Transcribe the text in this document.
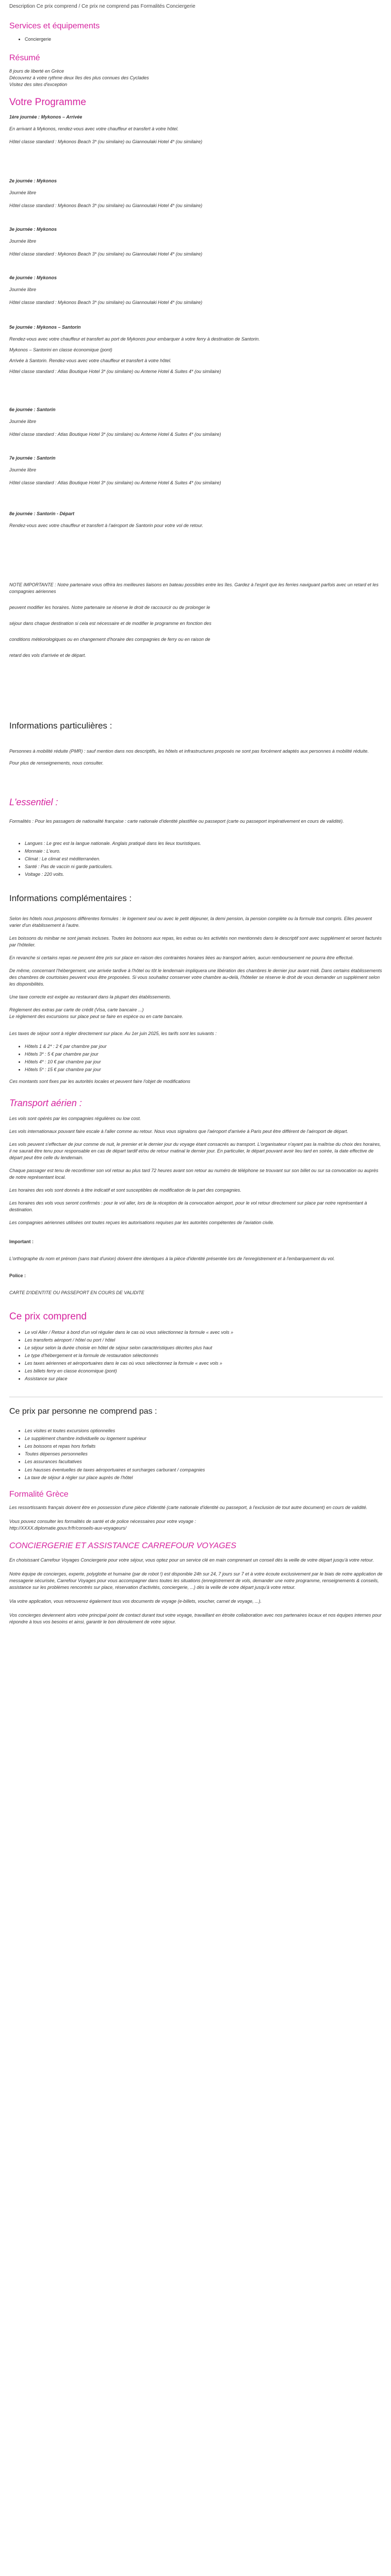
Description Ce prix comprend / Ce prix ne comprend pas Formalités Conciergerie
Services et équipements
• Conciergerie
Résumé

8 jours de liberté en Grèce

Découvrez à votre rythme deux îles des plus connues des Cyclades

Visitez des sites d'exception

Votre Programme

1ère journée : Mykonos – Arrivée

En arrivant à Mykonos, rendez-vous avec votre chauffeur et transfert à votre hôtel.

Hôtel classe standard : Mykonos Beach 3* (ou similaire) ou Giannoulaki Hotel 4* (ou similaire)

2e journée : Mykonos

Journée libre

Hôtel classe standard : Mykonos Beach 3* (ou similaire) ou Giannoulaki Hotel 4* (ou similaire)

3e journée : Mykonos

Journée libre

Hôtel classe standard : Mykonos Beach 3* (ou similaire) ou Giannoulaki Hotel 4* (ou similaire)

4e journée : Mykonos

Journée libre

Hôtel classe standard : Mykonos Beach 3* (ou similaire) ou Giannoulaki Hotel 4* (ou similaire)

5e journée : Mykonos – Santorin

Rendez-vous avec votre chauffeur et transfert au port de Mykonos pour embarquer à votre ferry à destination de Santorin.

Mykonos – Santorini en classe économique (pont)

Arrivée à Santorin. Rendez-vous avec votre chauffeur et transfert à votre hôtel.

Hôtel classe standard : Atlas Boutique Hotel 3* (ou similaire) ou Anteme Hotel & Suites 4* (ou similaire)

6e journée : Santorin

Journée libre

Hôtel classe standard : Atlas Boutique Hotel 3* (ou similaire) ou Anteme Hotel & Suites 4* (ou similaire)

7e journée : Santorin

Journée libre

Hôtel classe standard : Atlas Boutique Hotel 3* (ou similaire) ou Anteme Hotel & Suites 4* (ou similaire)

8e journée : Santorin - Départ

Rendez-vous avec votre chauffeur et transfert à l'aéroport de Santorin pour votre vol de retour.

NOTE IMPORTANTE : Notre partenaire vous offrira les meilleures liaisons en bateau possibles entre les îles. Gardez à l'esprit que les ferries naviguant parfois avec un retard et les compagnies aériennes

peuvent modifier les horaires. Notre partenaire se réserve le droit de raccourcir ou de prolonger le

séjour dans chaque destination si cela est nécessaire et de modifier le programme en fonction des

conditions météorologiques ou en changement d'horaire des compagnies de ferry ou en raison de

retard des vols d'arrivée et de départ.

Informations particulières :

Personnes à mobilité réduite (PMR) : sauf mention dans nos descriptifs, les hôtels et infrastructures proposés ne sont pas forcément adaptés aux personnes à mobilité réduite.

Pour plus de renseignements, nous consulter.

L'essentiel :

Formalités : Pour les passagers de nationalité française : carte nationale d'identité plastifiée ou passeport (carte ou passeport impérativement en cours de validité).

• Langues : Le grec est la langue nationale. Anglais pratiqué dans les lieux touristiques.
• Monnaie : L'euro.
• Climat : Le climat est méditerranéen.
• Santé : Pas de vaccin ni garde particuliers.
• Voltage : 220 volts.
Informations complémentaires :

Selon les hôtels nous proposons différentes formules : le logement seul ou avec le petit déjeuner, la demi pension, la pension complète ou la formule tout compris. Elles peuvent varier d'un établissement à l'autre.

Les boissons du minibar ne sont jamais incluses. Toutes les boissons aux repas, les extras ou les activités non mentionnés dans le descriptif sont avec supplément et seront facturés par l'hôtelier.

En revanche si certains repas ne peuvent être pris sur place en raison des contraintes horaires liées au transport aérien, aucun remboursement ne pourra être effectué.

De même, concernant l'hébergement, une arrivée tardive à l'hôtel ou tôt le lendemain impliquera une libération des chambres le dernier jour avant midi. Dans certains établissements des chambres de courtoisies peuvent vous être proposées. Si vous souhaitez conserver votre chambre au-delà, l'hôtelier se réserve le droit de vous demander un supplément selon les disponibilités.

Une taxe correcte est exigée au restaurant dans la plupart des établissements.

Règlement des extras par carte de crédit (Visa, carte bancaire ...)

Le règlement des excursions sur place peut se faire en espèce ou en carte bancaire.

Les taxes de séjour sont à régler directement sur place. Au 1er juin 2025, les tarifs sont les suivants :

• Hôtels 1 & 2* : 2 € par chambre par jour
• Hôtels 3* : 5 € par chambre par jour
• Hôtels 4* : 10 € par chambre par jour
• Hôtels 5* : 15 € par chambre par jour

Ces montants sont fixes par les autorités locales et peuvent faire l'objet de modifications

Transport aérien :

Les vols sont opérés par les compagnies régulières ou low cost.

Les vols internationaux pouvant faire escale à l'aller comme au retour. Nous vous signalons que l'aéroport d'arrivée à Paris peut être différent de l'aéroport de départ.

Les vols peuvent s'effectuer de jour comme de nuit, le premier et le dernier jour du voyage étant consacrés au transport. L'organisateur n'ayant pas la maîtrise du choix des horaires, il ne saurait être tenu pour responsable en cas de départ tardif et/ou de retour matinal le dernier jour. En particulier, le départ pouvant avoir lieu tard en soirée, la date effective de départ peut être celle du lendemain.

Chaque passager est tenu de reconfirmer son vol retour au plus tard 72 heures avant son retour au numéro de téléphone se trouvant sur son billet ou sur sa convocation ou auprès de notre représentant local.

Les horaires des vols sont donnés à titre indicatif et sont susceptibles de modification de la part des compagnies.

Les horaires des vols vous seront confirmés : pour le vol aller, lors de la réception de la convocation aéroport, pour le vol retour directement sur place par notre représentant à destination.

Les compagnies aériennes utilisées ont toutes reçues les autorisations requises par les autorités compétentes de l'aviation civile.

Important :

L'orthographe du nom et prénom (sans trait d'union) doivent être identiques à la pièce d'identité présentée lors de l'enregistrement et à l'embarquement du vol.

Police :

CARTE D'IDENTITE OU PASSEPORT EN COURS DE VALIDITE

Ce prix comprend
• Le vol Aller / Retour à bord d'un vol régulier dans le cas où vous sélectionnez la formule « avec vols »
• Les transferts aéroport / hôtel ou port / hôtel
• Le séjour selon la durée choisie en hôtel de séjour selon caractéristiques décrites plus haut
• Le type d'hébergement et la formule de restauration sélectionnés
• Les taxes aériennes et aéroportuaires dans le cas où vous sélectionnez la formule « avec vols »
• Les billets ferry en classe économique (pont)
• Assistance sur place
Ce prix par personne ne comprend pas :
• Les visites et toutes excursions optionnelles
• Le supplément chambre individuelle ou logement supérieur
• Les boissons et repas hors forfaits
• Toutes dépenses personnelles
• Les assurances facultatives
• Les hausses éventuelles de taxes aéroportuaires et surcharges carburant / compagnies
• La taxe de séjour à régler sur place auprès de l'hôtel
Formalité Grèce

Les ressortissants français doivent être en possession d'une pièce d'identité (carte nationale d'identité ou passeport, à l'exclusion de tout autre document) en cours de validité.

Vous pouvez consulter les formalités de santé et de police nécessaires pour votre voyage :

http://XXXX.diplomatie.gouv.fr/fr/conseils-aux-voyageurs/

CONCIERGERIE ET ASSISTANCE CARREFOUR VOYAGES

En choisissant Carrefour Voyages Conciergerie pour votre séjour, vous optez pour un service clé en main comprenant un conseil dès la veille de votre départ jusqu'à votre retour.

Notre équipe de concierges, experte, polyglotte et humaine (par de robot !) est disponible 24h sur 24, 7 jours sur 7 et à votre écoute exclusivement par le biais de notre application de messagerie sécurisée, Carrefour Voyages pour vous accompagner dans toutes les situations (enregistrement de vols, demander une notre programme, renseignements & conseils, assistance sur les problèmes rencontrés sur place, réservation d'activités, conciergerie, ...) dès la veille de votre départ jusqu'à votre retour.

Via votre application, vous retrouverez également tous vos documents de voyage (e-billets, voucher, carnet de voyage, ...).

Vos concierges deviennent alors votre principal point de contact durant tout votre voyage, travaillant en étroite collaboration avec nos partenaires locaux et nos équipes internes pour répondre à tous vos besoins et ainsi, garantir le bon déroulement de votre séjour.
